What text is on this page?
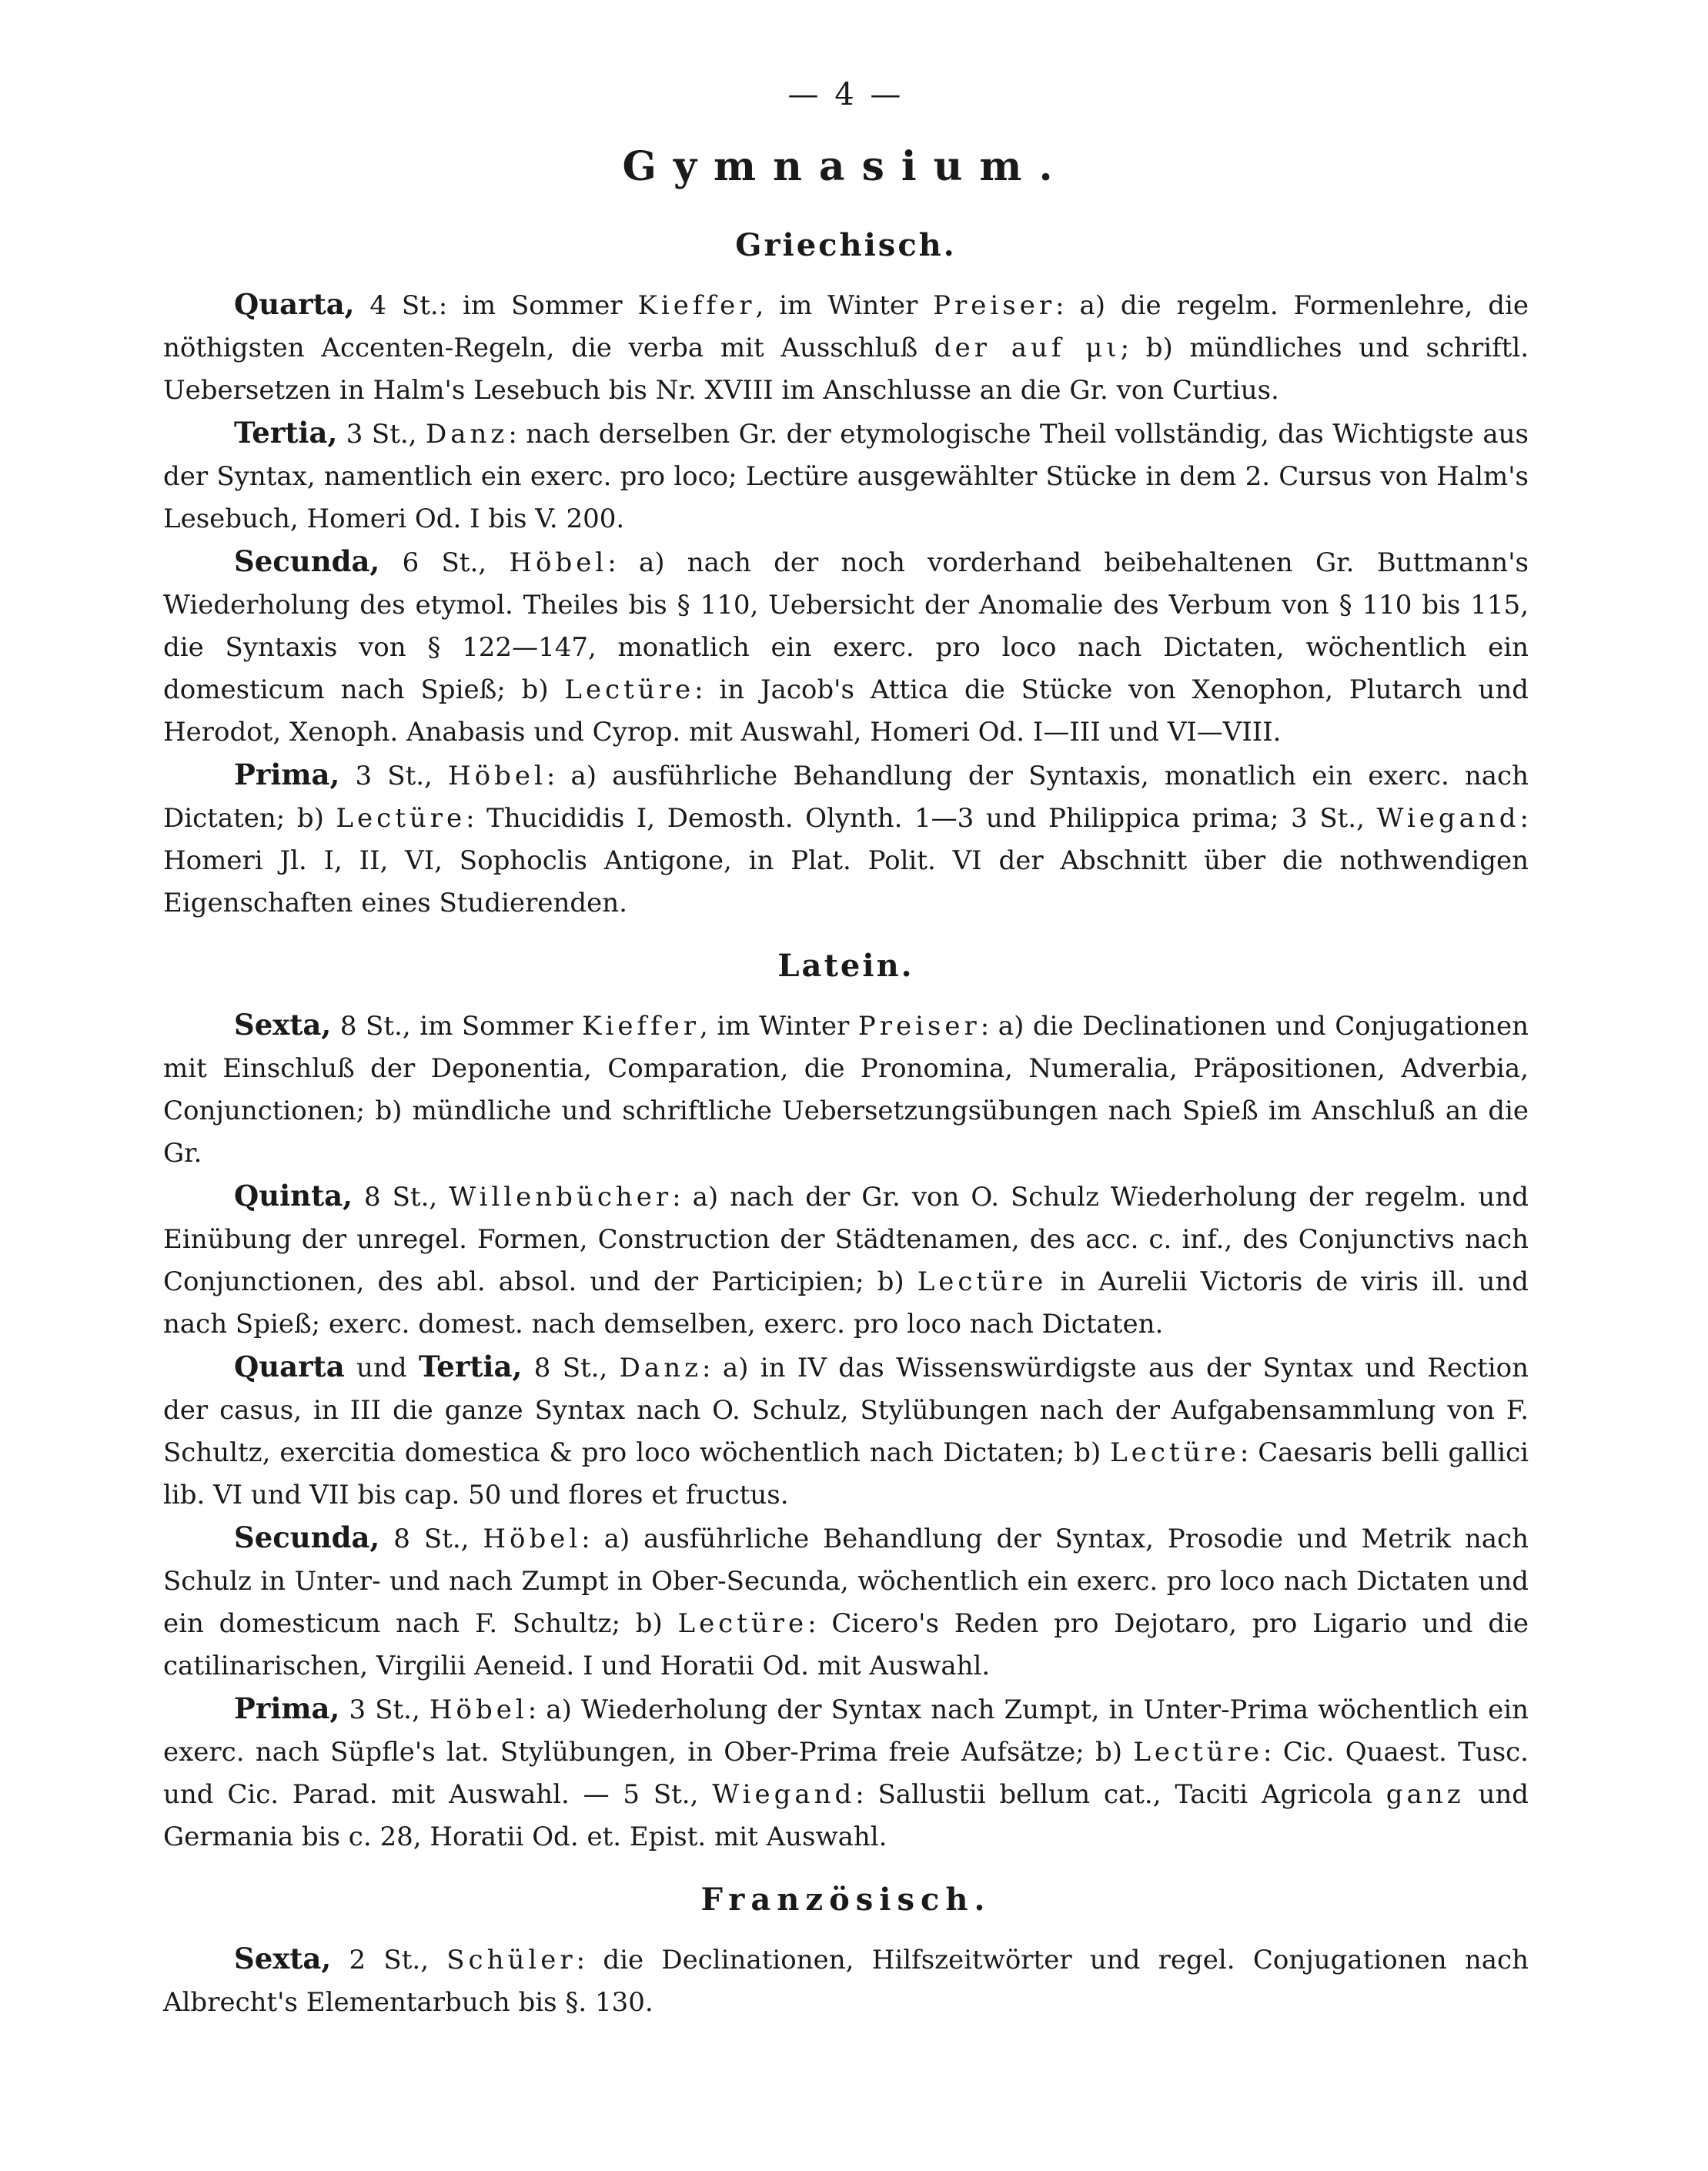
— 4 —
Gymnasium.
Griechisch.

Quarta, 4 St.: im Sommer Kieffer, im Winter Preiser: a) die regelm. Formenlehre, die nöthigsten Accenten-Regeln, die verba mit Ausschluß der auf μι; b) mündliches und schriftl. Uebersetzen in Halm's Lesebuch bis Nr. XVIII im Anschlusse an die Gr. von Curtius.

Tertia, 3 St., Danz: nach derselben Gr. der etymologische Theil vollständig, das Wichtigste aus der Syntax, namentlich ein exerc. pro loco; Lectüre ausgewählter Stücke in dem 2. Cursus von Halm's Lesebuch, Homeri Od. I bis V. 200.

Secunda, 6 St., Höbel: a) nach der noch vorderhand beibehaltenen Gr. Buttmann's Wiederholung des etymol. Theiles bis § 110, Uebersicht der Anomalie des Verbum von § 110 bis 115, die Syntaxis von § 122—147, monatlich ein exerc. pro loco nach Dictaten, wöchentlich ein domesticum nach Spieß; b) Lectüre: in Jacob's Attica die Stücke von Xenophon, Plutarch und Herodot, Xenoph. Anabasis und Cyrop. mit Auswahl, Homeri Od. I—III und VI—VIII.

Prima, 3 St., Höbel: a) ausführliche Behandlung der Syntaxis, monatlich ein exerc. nach Dictaten; b) Lectüre: Thucididis I, Demosth. Olynth. 1—3 und Philippica prima; 3 St., Wiegand: Homeri Jl. I, II, VI, Sophoclis Antigone, in Plat. Polit. VI der Abschnitt über die nothwendigen Eigenschaften eines Studierenden.

Latein.

Sexta, 8 St., im Sommer Kieffer, im Winter Preiser: a) die Declinationen und Conjugationen mit Einschluß der Deponentia, Comparation, die Pronomina, Numeralia, Präpositionen, Adverbia, Conjunctionen; b) mündliche und schriftliche Uebersetzungsübungen nach Spieß im Anschluß an die Gr.

Quinta, 8 St., Willenbücher: a) nach der Gr. von O. Schulz Wiederholung der regelm. und Einübung der unregel. Formen, Construction der Städtenamen, des acc. c. inf., des Conjunctivs nach Conjunctionen, des abl. absol. und der Participien; b) Lectüre in Aurelii Victoris de viris ill. und nach Spieß; exerc. domest. nach demselben, exerc. pro loco nach Dictaten.

Quarta und Tertia, 8 St., Danz: a) in IV das Wissenswürdigste aus der Syntax und Rection der casus, in III die ganze Syntax nach O. Schulz, Stylübungen nach der Aufgabensammlung von F. Schultz, exercitia domestica & pro loco wöchentlich nach Dictaten; b) Lectüre: Caesaris belli gallici lib. VI und VII bis cap. 50 und flores et fructus.

Secunda, 8 St., Höbel: a) ausführliche Behandlung der Syntax, Prosodie und Metrik nach Schulz in Unter- und nach Zumpt in Ober-Secunda, wöchentlich ein exerc. pro loco nach Dictaten und ein domesticum nach F. Schultz; b) Lectüre: Cicero's Reden pro Dejotaro, pro Ligario und die catilinarischen, Virgilii Aeneid. I und Horatii Od. mit Auswahl.

Prima, 3 St., Höbel: a) Wiederholung der Syntax nach Zumpt, in Unter-Prima wöchentlich ein exerc. nach Süpfle's lat. Stylübungen, in Ober-Prima freie Aufsätze; b) Lectüre: Cic. Quaest. Tusc. und Cic. Parad. mit Auswahl. — 5 St., Wiegand: Sallustii bellum cat., Taciti Agricola ganz und Germania bis c. 28, Horatii Od. et. Epist. mit Auswahl.

Französisch.

Sexta, 2 St., Schüler: die Declinationen, Hilfszeitwörter und regel. Conjugationen nach Albrecht's Elementarbuch bis §. 130.
